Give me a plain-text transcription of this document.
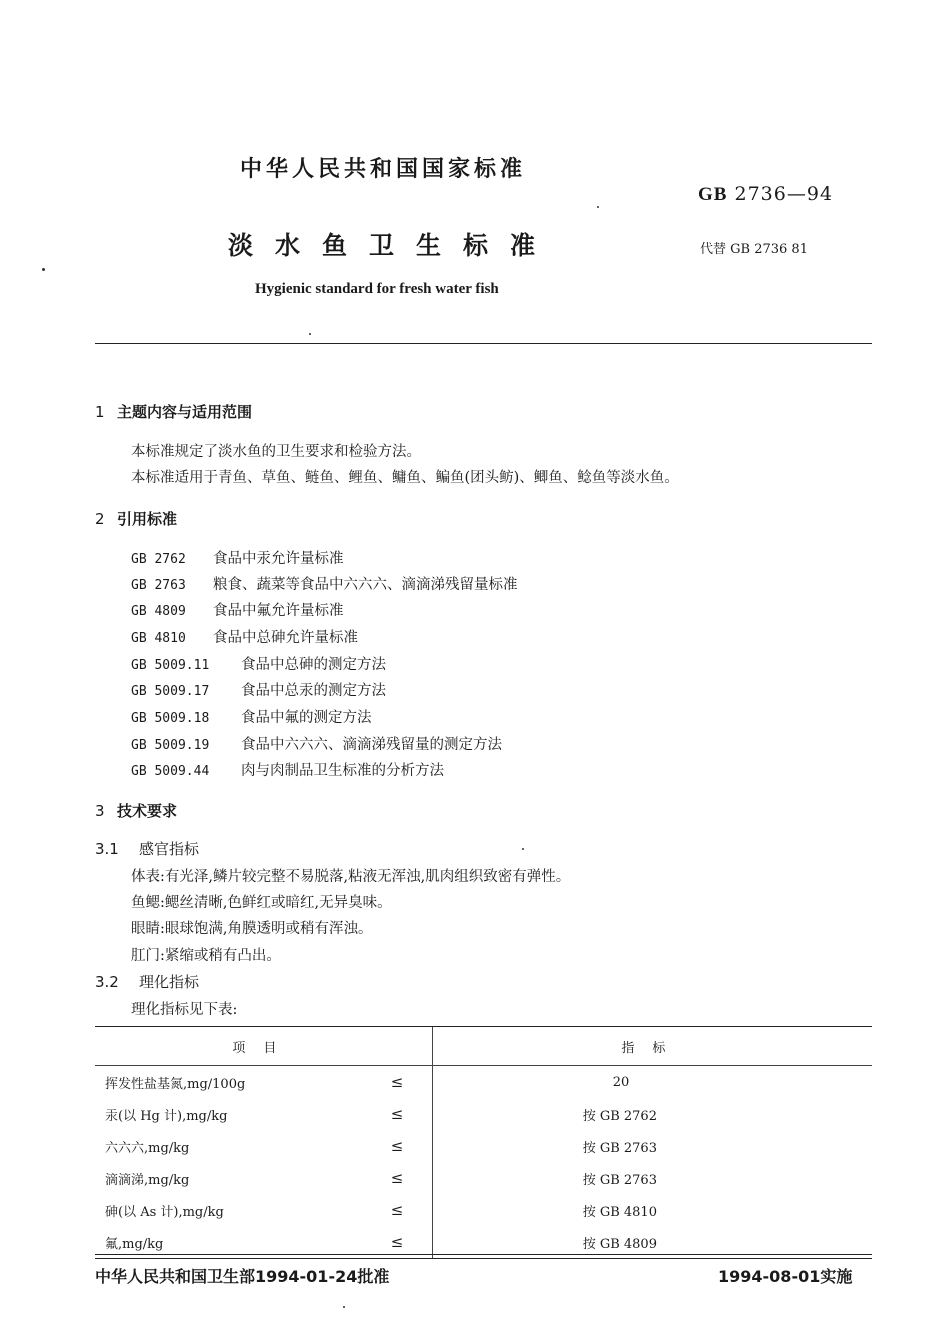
中华人民共和国国家标准
GB 2736—94
淡水鱼卫生标准	代替 GB 2736 81
Hygienic standard for fresh water fish
1 主题内容与适用范围
本标准规定了淡水鱼的卫生要求和检验方法。
本标准适用于青鱼、草鱼、鲢鱼、鲤鱼、鳙鱼、鳊鱼(团头鲂)、鲫鱼、鲶鱼等淡水鱼。
2 引用标准
GB 2762 食品中汞允许量标准
GB 2763 粮食、蔬菜等食品中六六六、滴滴涕残留量标准
GB 4809 食品中氟允许量标准
GB 4810 食品中总砷允许量标准
GB 5009.11 食品中总砷的测定方法
GB 5009.17 食品中总汞的测定方法
GB 5009.18 食品中氟的测定方法
GB 5009.19 食品中六六六、滴滴涕残留量的测定方法
GB 5009.44 肉与肉制品卫生标准的分析方法
3 技术要求
3.1 感官指标
体表:有光泽,鳞片较完整不易脱落,粘液无浑浊,肌肉组织致密有弹性。
鱼鳃:鳃丝清晰,色鲜红或暗红,无异臭味。
眼睛:眼球饱满,角膜透明或稍有浑浊。
肛门:紧缩或稍有凸出。
3.2 理化指标
理化指标见下表:
项目		指标
挥发性盐基氮,mg/100g	≤	20
汞(以 Hg 计),mg/kg	≤	按 GB 2762
六六六,mg/kg	≤	按 GB 2763
滴滴涕,mg/kg	≤	按 GB 2763
砷(以 As 计),mg/kg	≤	按 GB 4810
氟,mg/kg	≤	按 GB 4809
中华人民共和国卫生部1994-01-24批准	1994-08-01实施
